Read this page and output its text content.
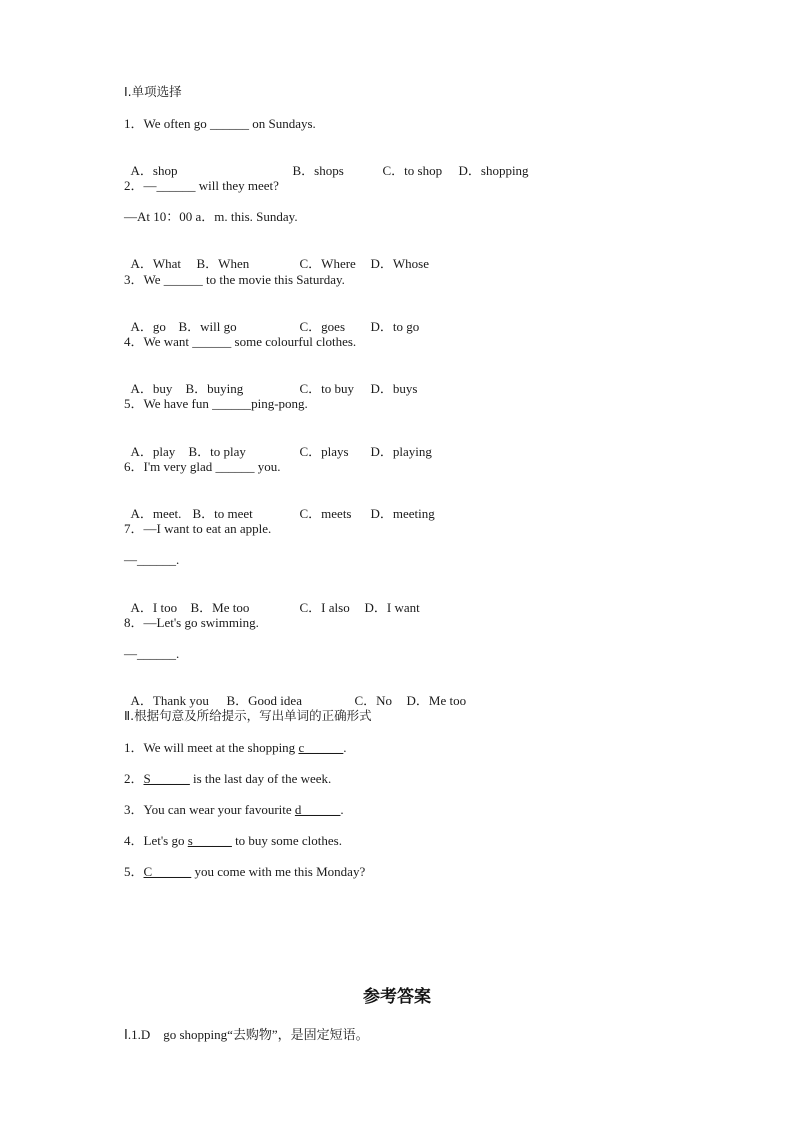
Ⅰ.单项选择
1．We often go ______ on Sundays.

A．shop	B．shops	C．to shop D．shopping

2．—______ will they meet?
—At 10：00 a．m. this. Sunday.

A．What B．When	C．Where D．Whose

3．We ______ to the movie this Saturday.

A．go B．will go	C．goes D．to go

4．We want ______ some colourful clothes.

A．buy B．buying	C．to buy D．buys

5．We have fun ______ping-pong.

A．play B．to play	C．plays D．playing

6．I'm very glad ______ you.

A．meet. B．to meet	C．meets D．meeting

7．—I want to eat an apple.
—______.

A．I too B．Me too	C．I also D．I want

8．—Let's go swimming.
—______.

A．Thank you B．Good idea	C．No D．Me too

Ⅱ.根据句意及所给提示，写出单词的正确形式
1．We will meet at the shopping c______.
2．S______ is the last day of the week.
3．You can wear your favourite d______.
4．Let's go s______ to buy some clothes.
5．C______ you come with me this Monday?
参考答案
Ⅰ.1.D　go shopping“去购物”，是固定短语。
